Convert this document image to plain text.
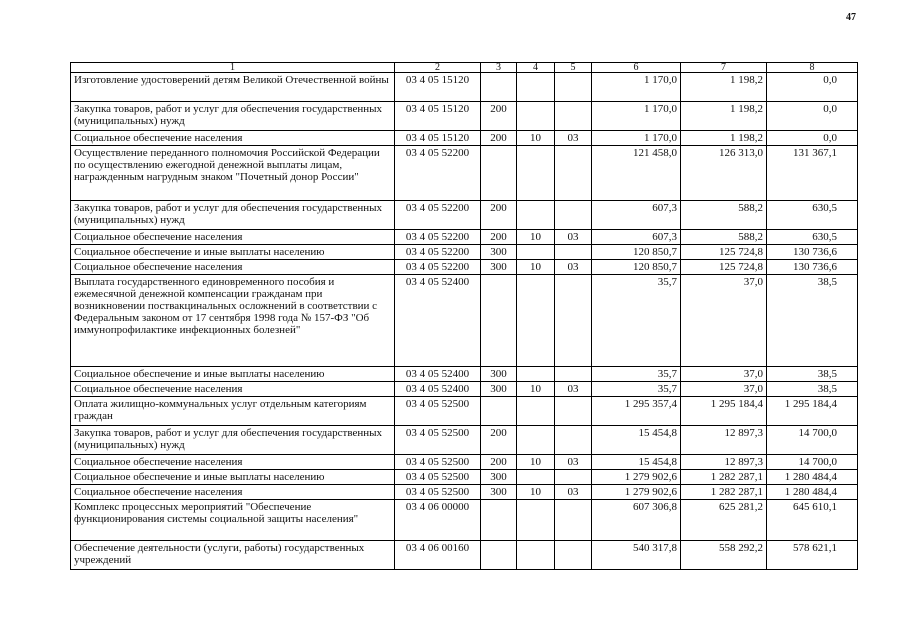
47
1	2	3	4	5	6	7	8
Изготовление удостоверений детям Великой Отечественной войны	03 4 05 15120				1 170,0	1 198,2	0,0
Закупка товаров, работ и услуг для обеспечения государственных (муниципальных) нужд	03 4 05 15120	200			1 170,0	1 198,2	0,0
Социальное обеспечение населения	03 4 05 15120	200	10	03	1 170,0	1 198,2	0,0
Осуществление переданного полномочия Российской Федерации по осуществлению ежегодной денежной выплаты лицам, награжденным нагрудным знаком "Почетный донор России"	03 4 05 52200				121 458,0	126 313,0	131 367,1
Закупка товаров, работ и услуг для обеспечения государственных (муниципальных) нужд	03 4 05 52200	200			607,3	588,2	630,5
Социальное обеспечение населения	03 4 05 52200	200	10	03	607,3	588,2	630,5
Социальное обеспечение и иные выплаты населению	03 4 05 52200	300			120 850,7	125 724,8	130 736,6
Социальное обеспечение населения	03 4 05 52200	300	10	03	120 850,7	125 724,8	130 736,6
Выплата государственного единовременного пособия и ежемесячной денежной компенсации гражданам при возникновении поствакцинальных осложнений в соответствии с Федеральным законом от 17 сентября 1998 года № 157-ФЗ "Об иммунопрофилактике инфекционных болезней"	03 4 05 52400				35,7	37,0	38,5
Социальное обеспечение и иные выплаты населению	03 4 05 52400	300			35,7	37,0	38,5
Социальное обеспечение населения	03 4 05 52400	300	10	03	35,7	37,0	38,5
Оплата жилищно-коммунальных услуг отдельным категориям граждан	03 4 05 52500				1 295 357,4	1 295 184,4	1 295 184,4
Закупка товаров, работ и услуг для обеспечения государственных (муниципальных) нужд	03 4 05 52500	200			15 454,8	12 897,3	14 700,0
Социальное обеспечение населения	03 4 05 52500	200	10	03	15 454,8	12 897,3	14 700,0
Социальное обеспечение и иные выплаты населению	03 4 05 52500	300			1 279 902,6	1 282 287,1	1 280 484,4
Социальное обеспечение населения	03 4 05 52500	300	10	03	1 279 902,6	1 282 287,1	1 280 484,4
Комплекс процессных мероприятий "Обеспечение функционирования системы социальной защиты населения"	03 4 06 00000				607 306,8	625 281,2	645 610,1
Обеспечение деятельности (услуги, работы) государственных учреждений	03 4 06 00160				540 317,8	558 292,2	578 621,1
